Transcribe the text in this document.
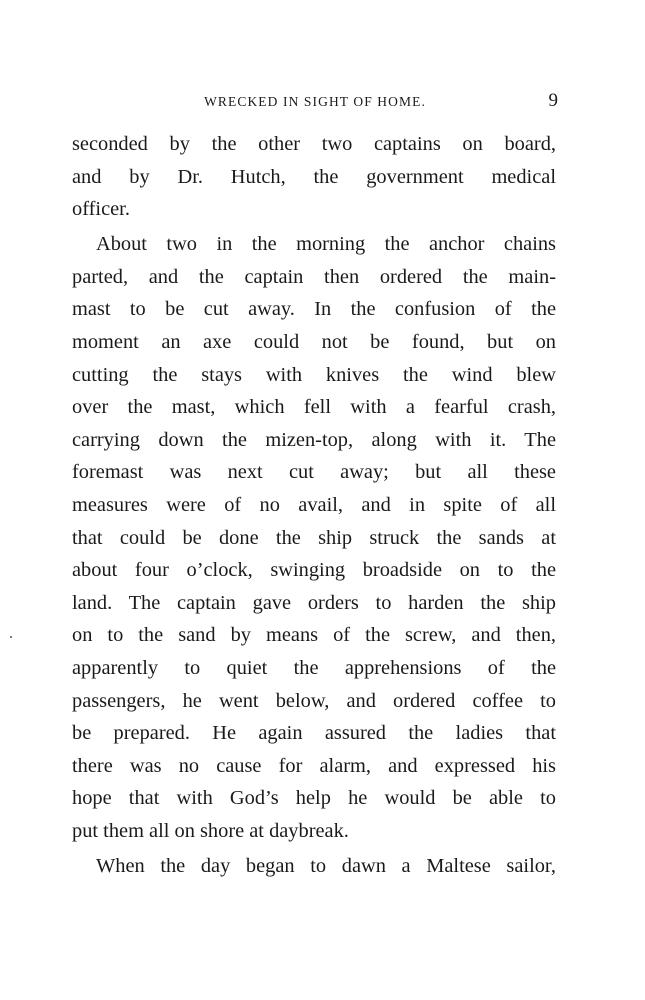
WRECKED IN SIGHT OF HOME.	9
seconded by the other two captains on board,
and by Dr. Hutch, the government medical
officer.
About two in the morning the anchor chains
parted, and the captain then ordered the main-
mast to be cut away. In the confusion of the
moment an axe could not be found, but on
cutting the stays with knives the wind blew
over the mast, which fell with a fearful crash,
carrying down the mizen-top, along with it. The
foremast was next cut away; but all these
measures were of no avail, and in spite of all
that could be done the ship struck the sands at
about four o’clock, swinging broadside on to the
land. The captain gave orders to harden the ship
on to the sand by means of the screw, and then,
apparently to quiet the apprehensions of the
passengers, he went below, and ordered coffee to
be prepared. He again assured the ladies that
there was no cause for alarm, and expressed his
hope that with God’s help he would be able to
put them all on shore at daybreak.
When the day began to dawn a Maltese sailor,
